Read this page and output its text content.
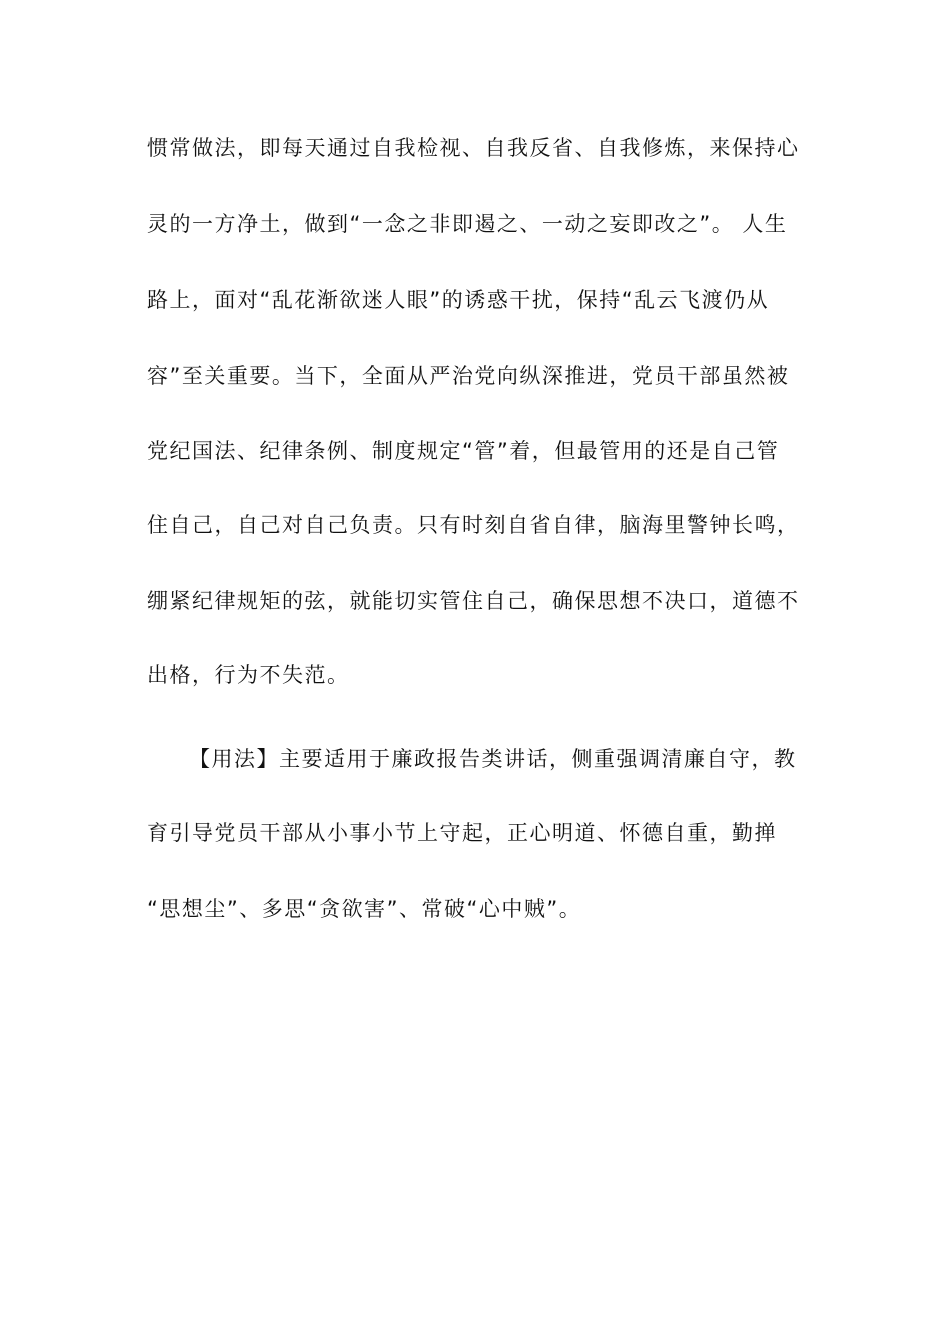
惯常做法，即每天通过自我检视、自我反省、自我修炼，来保持心
灵的一方净土，做到“一念之非即遏之、一动之妄即改之”。 人生
路上，面对“乱花渐欲迷人眼”的诱惑干扰，保持“乱云飞渡仍从
容”至关重要。当下，全面从严治党向纵深推进，党员干部虽然被
党纪国法、纪律条例、制度规定“管”着，但最管用的还是自己管
住自己，自己对自己负责。只有时刻自省自律，脑海里警钟长鸣，
绷紧纪律规矩的弦，就能切实管住自己，确保思想不决口，道德不
出格，行为不失范。
【用法】主要适用于廉政报告类讲话，侧重强调清廉自守，教
育引导党员干部从小事小节上守起，正心明道、怀德自重，勤掸
“思想尘”、多思“贪欲害”、常破“心中贼”。
